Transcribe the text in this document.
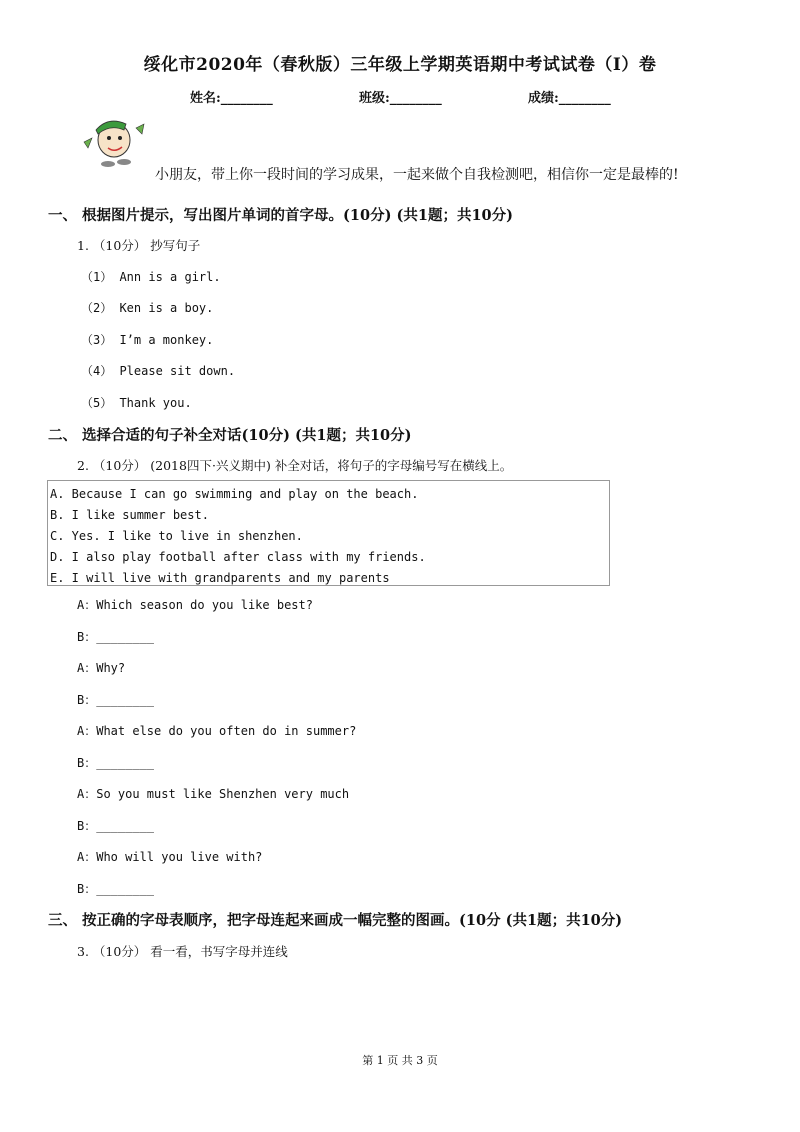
绥化市2020年（春秋版）三年级上学期英语期中考试试卷（I）卷
姓名:________	班级:________	成绩:________
小朋友，带上你一段时间的学习成果，一起来做个自我检测吧，相信你一定是最棒的!
一、 根据图片提示，写出图片单词的首字母。(10分) (共1题；共10分)
1. （10分） 抄写句子
（1） Ann is a girl.
（2） Ken is a boy.
（3） I’m a monkey.
（4） Please sit down.
（5） Thank you.
二、 选择合适的句子补全对话(10分) (共1题；共10分)
2. （10分） (2018四下·兴义期中) 补全对话，将句子的字母编号写在横线上。
A. Because I can go swimming and play on the beach.
B. I like summer best.
C. Yes. I like to live in shenzhen.
D. I also play football after class with my friends.
E. I will live with grandparents and my parents
A：Which season do you like best?
B：________
A：Why?
B：________
A：What else do you often do in summer?
B：________
A：So you must like Shenzhen very much
B：________
A：Who will you live with?
B：________
三、 按正确的字母表顺序，把字母连起来画成一幅完整的图画。(10分 (共1题；共10分)
3. （10分） 看一看，书写字母并连线
第 1 页 共 3 页
